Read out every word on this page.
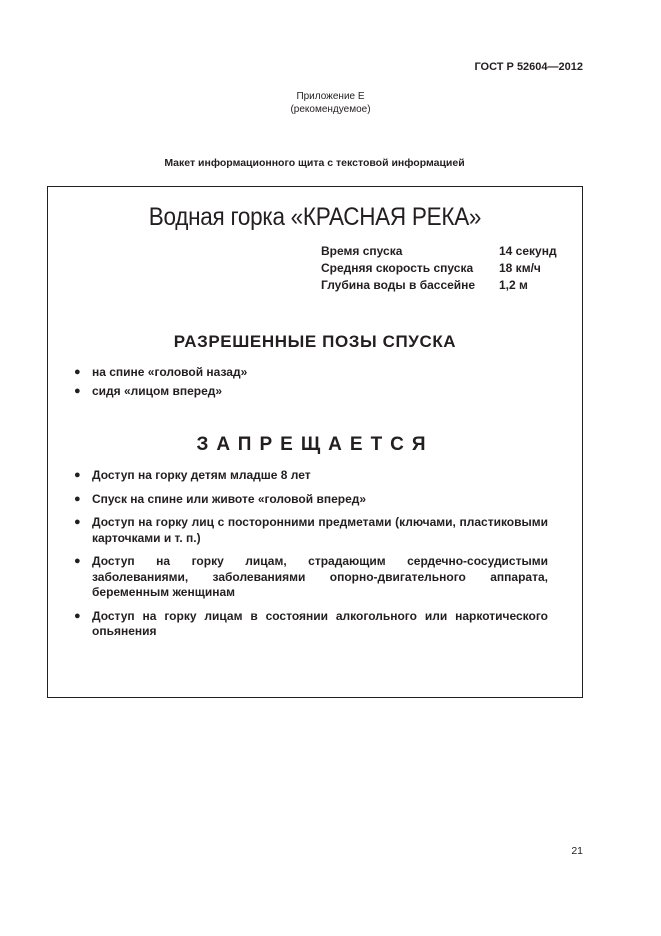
ГОСТ Р 52604—2012
Приложение Е
(рекомендуемое)
Макет информационного щита с текстовой информацией
Водная горка «КРАСНАЯ РЕКА»
Время спуска	14 секунд
Средняя скорость спуска	18 км/ч
Глубина воды в бассейне	1,2 м
РАЗРЕШЕННЫЕ ПОЗЫ СПУСКА
● на спине «головой назад»
● сидя «лицом вперед»
ЗАПРЕЩАЕТСЯ
● Доступ на горку детям младше 8 лет
● Спуск на спине или животе «головой вперед»
● Доступ на горку лиц с посторонними предметами (ключами, пластиковыми карточками и т. п.)
● Доступ на горку лицам, страдающим сердечно-сосудистыми заболеваниями, заболеваниями опорно-двигательного аппарата, беременным женщинам
● Доступ на горку лицам в состоянии алкогольного или наркотического опьянения
21
